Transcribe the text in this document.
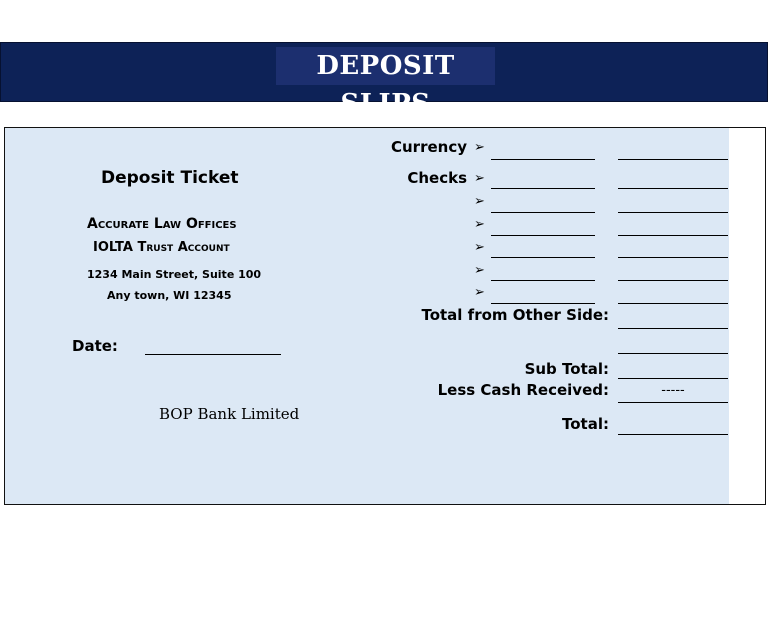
DEPOSIT SLIPS
Deposit Ticket
Accurate Law Offices
IOLTA Trust Account
1234 Main Street, Suite 100
Any town, WI 12345
Date:
BOP Bank Limited
Currency
Checks
➢
➢
➢
➢
➢
➢
➢
Total from Other Side:
Sub Total:
Less Cash Received:	-----
Total:
